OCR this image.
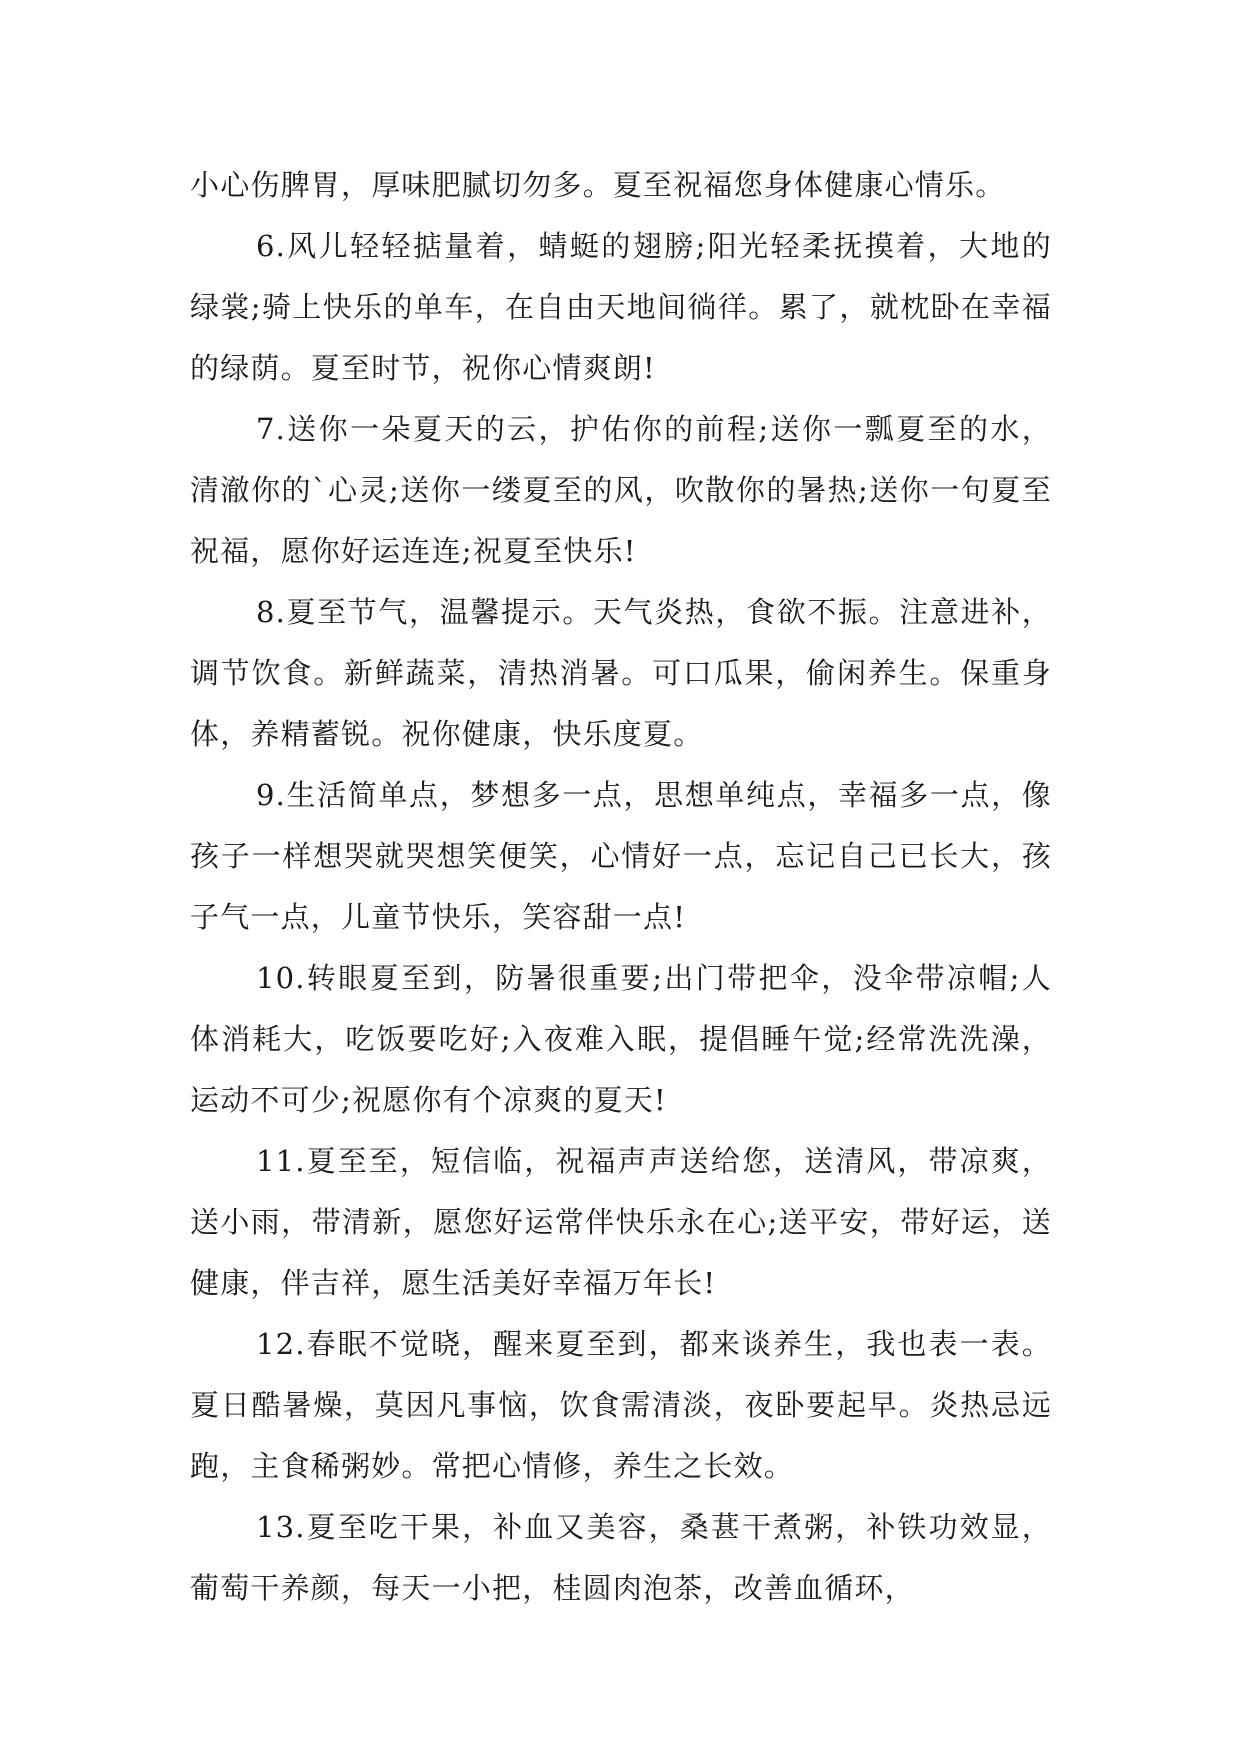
小心伤脾胃，厚味肥腻切勿多。夏至祝福您身体健康心情乐。

6.风儿轻轻掂量着，蜻蜓的翅膀;阳光轻柔抚摸着，大地的绿裳;骑上快乐的单车，在自由天地间徜徉。累了，就枕卧在幸福的绿荫。夏至时节，祝你心情爽朗!

7.送你一朵夏天的云，护佑你的前程;送你一瓢夏至的水，清澈你的`心灵;送你一缕夏至的风，吹散你的暑热;送你一句夏至祝福，愿你好运连连;祝夏至快乐!

8.夏至节气，温馨提示。天气炎热，食欲不振。注意进补，调节饮食。新鲜蔬菜，清热消暑。可口瓜果，偷闲养生。保重身体，养精蓄锐。祝你健康，快乐度夏。

9.生活简单点，梦想多一点，思想单纯点，幸福多一点，像孩子一样想哭就哭想笑便笑，心情好一点，忘记自己已长大，孩子气一点，儿童节快乐，笑容甜一点!

10.转眼夏至到，防暑很重要;出门带把伞，没伞带凉帽;人体消耗大，吃饭要吃好;入夜难入眠，提倡睡午觉;经常洗洗澡，运动不可少;祝愿你有个凉爽的夏天!

11.夏至至，短信临，祝福声声送给您，送清风，带凉爽，送小雨，带清新，愿您好运常伴快乐永在心;送平安，带好运，送健康，伴吉祥，愿生活美好幸福万年长!

12.春眠不觉晓，醒来夏至到，都来谈养生，我也表一表。夏日酷暑燥，莫因凡事恼，饮食需清淡，夜卧要起早。炎热忌远跑，主食稀粥妙。常把心情修，养生之长效。

13.夏至吃干果，补血又美容，桑葚干煮粥，补铁功效显，葡萄干养颜，每天一小把，桂圆肉泡茶，改善血循环，
